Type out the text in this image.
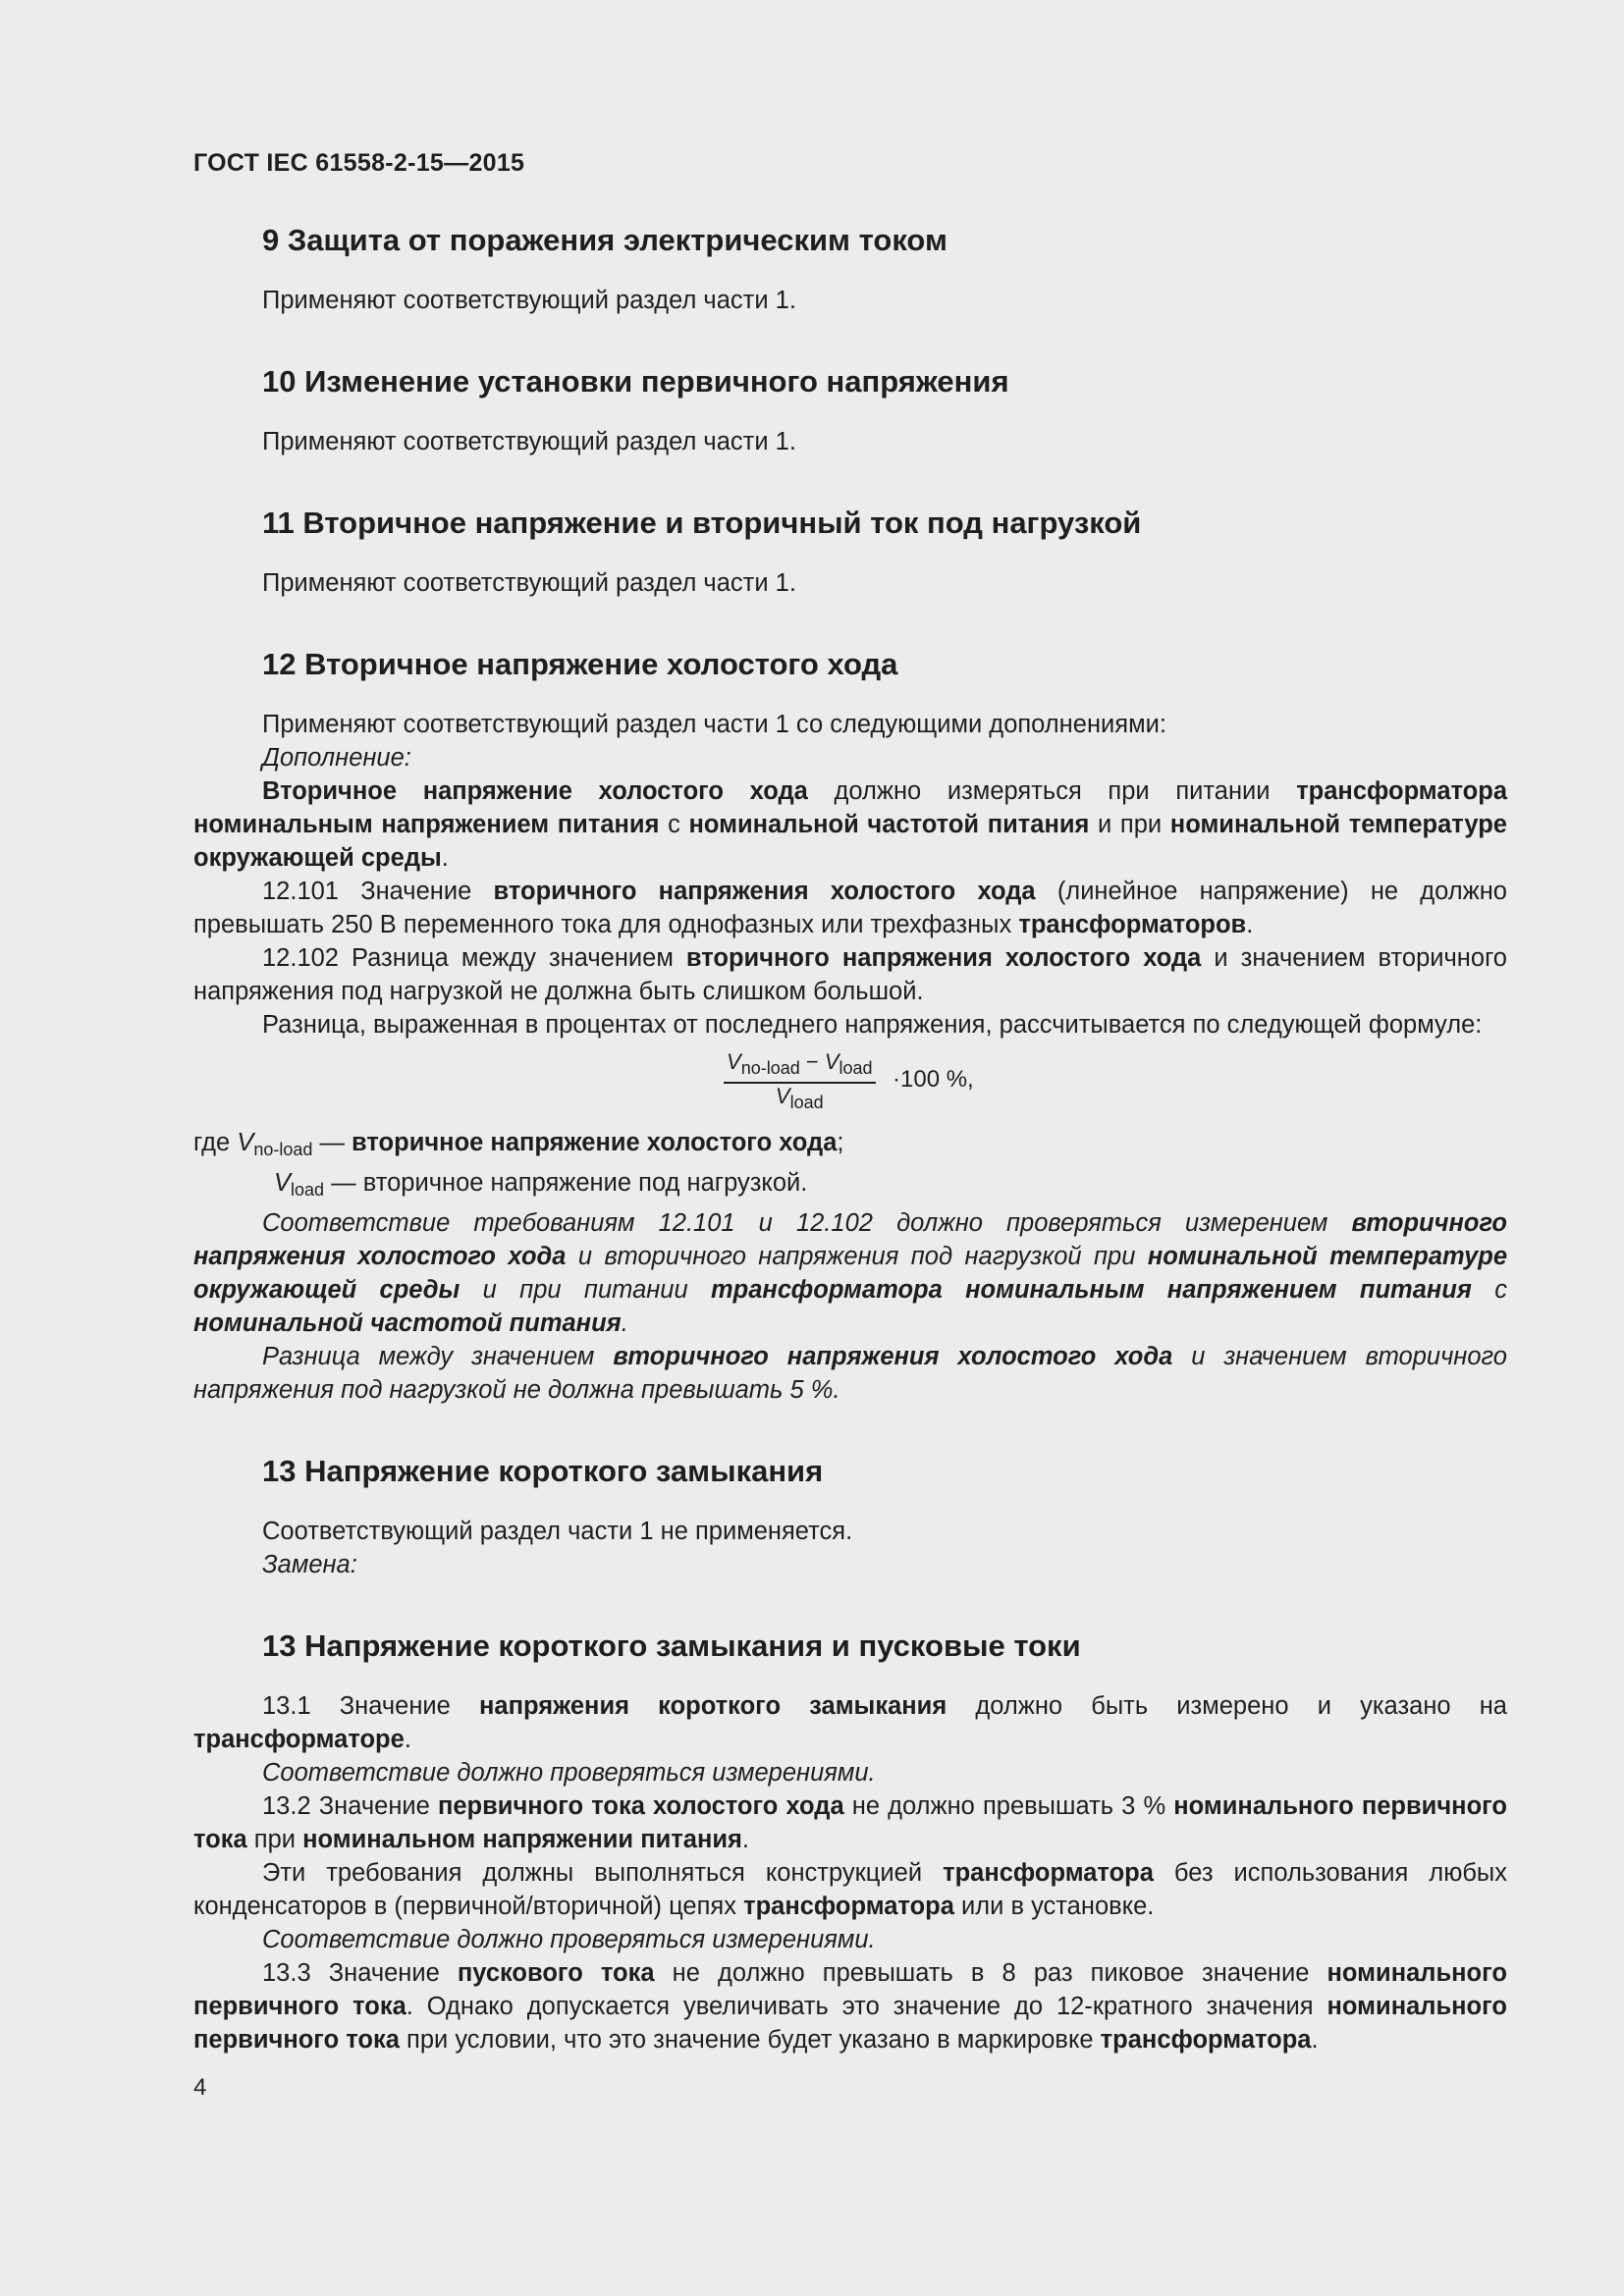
ГОСТ IEC 61558-2-15—2015
9 Защита от поражения электрическим током

Применяют соответствующий раздел части 1.

10 Изменение установки первичного напряжения

Применяют соответствующий раздел части 1.

11 Вторичное напряжение и вторичный ток под нагрузкой

Применяют соответствующий раздел части 1.

12 Вторичное напряжение холостого хода

Применяют соответствующий раздел части 1 со следующими дополнениями:

Дополнение:

Вторичное напряжение холостого хода должно измеряться при питании трансформатора номинальным напряжением питания с номинальной частотой питания и при номинальной температуре окружающей среды.

12.101 Значение вторичного напряжения холостого хода (линейное напряжение) не должно превышать 250 В переменного тока для однофазных или трехфазных трансформаторов.

12.102 Разница между значением вторичного напряжения холостого хода и значением вторичного напряжения под нагрузкой не должна быть слишком большой.

Разница, выраженная в процентах от последнего напряжения, рассчитывается по следующей формуле:

$V_{no-load} - V_{load}$
$V_{load}$
·100 %,

где $V_{no-load}$ — вторичное напряжение холостого хода;

$V_{load}$ — вторичное напряжение под нагрузкой.

Соответствие требованиям 12.101 и 12.102 должно проверяться измерением вторичного напряжения холостого хода и вторичного напряжения под нагрузкой при номинальной температуре окружающей среды и при питании трансформатора номинальным напряжением питания с номинальной частотой питания.

Разница между значением вторичного напряжения холостого хода и значением вторичного напряжения под нагрузкой не должна превышать 5 %.

13 Напряжение короткого замыкания

Соответствующий раздел части 1 не применяется.

Замена:

13 Напряжение короткого замыкания и пусковые токи

13.1 Значение напряжения короткого замыкания должно быть измерено и указано на трансформаторе.

Соответствие должно проверяться измерениями.

13.2 Значение первичного тока холостого хода не должно превышать 3 % номинального первичного тока при номинальном напряжении питания.

Эти требования должны выполняться конструкцией трансформатора без использования любых конденсаторов в (первичной/вторичной) цепях трансформатора или в установке.

Соответствие должно проверяться измерениями.

13.3 Значение пускового тока не должно превышать в 8 раз пиковое значение номинального первичного тока. Однако допускается увеличивать это значение до 12-кратного значения номинального первичного тока при условии, что это значение будет указано в маркировке трансформатора.

4
